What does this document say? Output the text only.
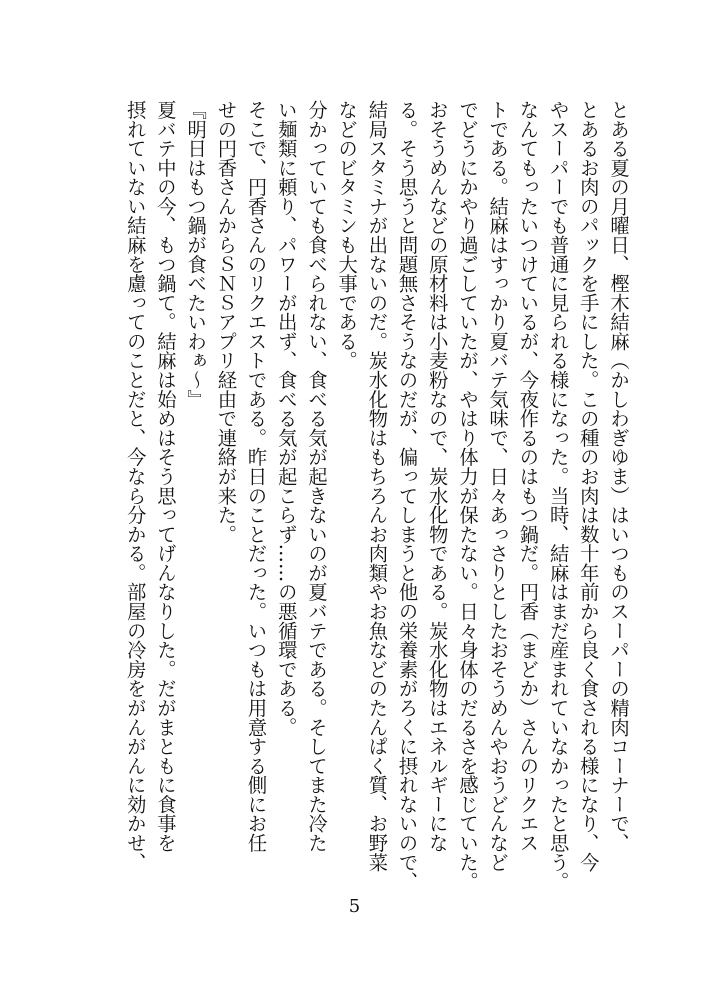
とある夏の月曜日、樫木結麻（かしわぎゆま）はいつものスーパーの精肉コーナーで、
とあるお肉のパックを手にした。この種のお肉は数十年前から良く食される様になり、今
やスーパーでも普通に見られる様になった。当時、結麻はまだ産まれていなかったと思う。
なんてもったいつけているが、今夜作るのはもつ鍋だ。円香（まどか）さんのリクエス
トである。結麻はすっかり夏バテ気味で、日々あっさりとしたおそうめんやおうどんなど
でどうにかやり過ごしていたが、やはり体力が保たない。日々身体のだるさを感じていた。
おそうめんなどの原材料は小麦粉なので、炭水化物である。炭水化物はエネルギーにな
る。そう思うと問題無さそうなのだが、偏ってしまうと他の栄養素がろくに摂れないので、
結局スタミナが出ないのだ。炭水化物はもちろんお肉類やお魚などのたんぱく質、お野菜
などのビタミンも大事である。
分かっていても食べられない、食べる気が起きないのが夏バテである。そしてまた冷た
い麺類に頼り、パワーが出ず、食べる気が起こらず……の悪循環である。
そこで、円香さんのリクエストである。昨日のことだった。いつもは用意する側にお任
せの円香さんからＳＮＳアプリ経由で連絡が来た。
『明日はもつ鍋が食べたいわぁ～』
夏バテ中の今、もつ鍋て。結麻は始めはそう思ってげんなりした。だがまともに食事を
摂れていない結麻を慮ってのことだと、今なら分かる。部屋の冷房をがんがんに効かせ、
5
